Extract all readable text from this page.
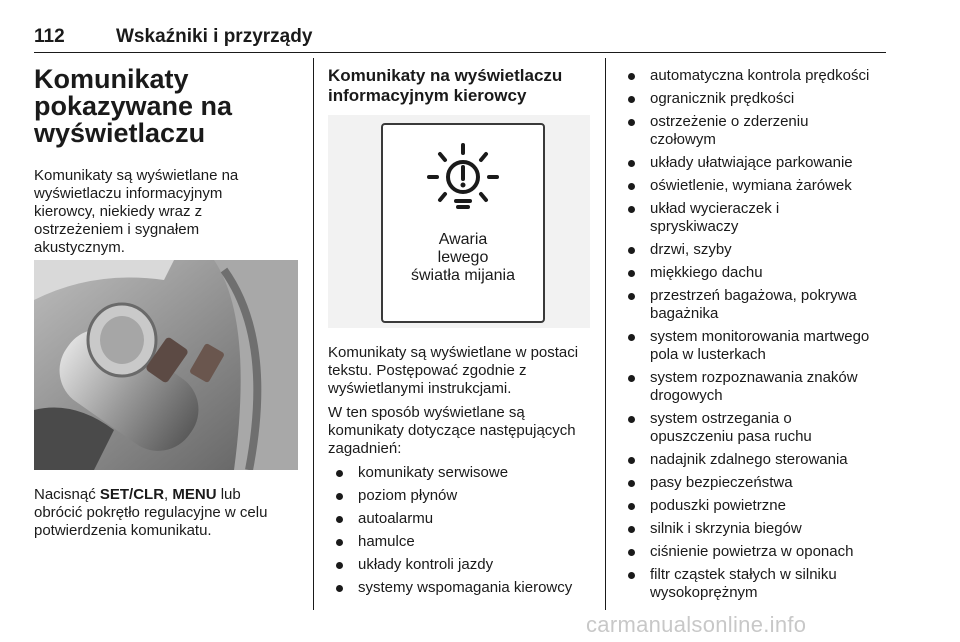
112	Wskaźniki i przyrządy
Komunikaty
pokazywane na
wyświetlaczu
Komunikaty są wyświetlane na
wyświetlaczu informacyjnym
kierowcy, niekiedy wraz z
ostrzeżeniem i sygnałem
akustycznym.
Nacisnąć SET/CLR, MENU lub
obrócić pokrętło regulacyjne w celu
potwierdzenia komunikatu.
Komunikaty na wyświetlaczu
informacyjnym kierowcy
Awaria
lewego
światła mijania
Komunikaty są wyświetlane w postaci
tekstu. Postępować zgodnie z
wyświetlanymi instrukcjami.
W ten sposób wyświetlane są
komunikaty dotyczące następujących
zagadnień:
komunikaty serwisowe
poziom płynów
autoalarmu
hamulce
układy kontroli jazdy
systemy wspomagania kierowcy
automatyczna kontrola prędkości
ogranicznik prędkości
ostrzeżenie o zderzeniu
czołowym
układy ułatwiające parkowanie
oświetlenie, wymiana żarówek
układ wycieraczek i
spryskiwaczy
drzwi, szyby
miękkiego dachu
przestrzeń bagażowa, pokrywa
bagażnika
system monitorowania martwego
pola w lusterkach
system rozpoznawania znaków
drogowych
system ostrzegania o
opuszczeniu pasa ruchu
nadajnik zdalnego sterowania
pasy bezpieczeństwa
poduszki powietrzne
silnik i skrzynia biegów
ciśnienie powietrza w oponach
filtr cząstek stałych w silniku
wysokoprężnym
carmanualsonline.info
